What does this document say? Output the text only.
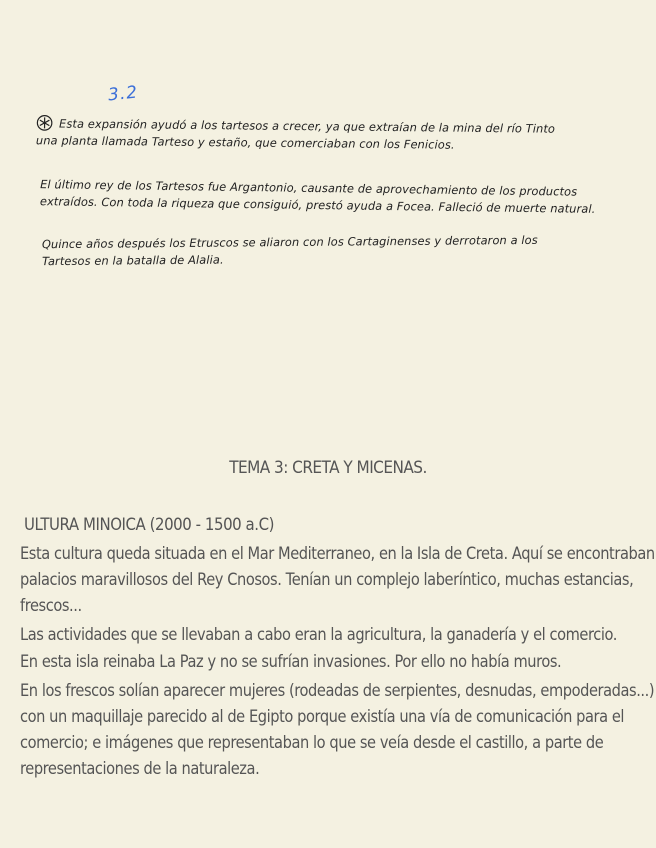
3.2
Esta expansión ayudó a los tartesos a crecer, ya que extraían de la mina del río Tinto
una planta llamada Tarteso y estaño, que comerciaban con los Fenicios.
El último rey de los Tartesos fue Argantonio, causante de aprovechamiento de los productos
extraídos. Con toda la riqueza que consiguió, prestó ayuda a Focea. Falleció de muerte natural.
Quince años después los Etruscos se aliaron con los Cartaginenses y derrotaron a los
Tartesos en la batalla de Alalia.
TEMA 3: CRETA Y MICENAS.
ULTURA MINOICA (2000 - 1500 a.C)
Esta cultura queda situada en el Mar Mediterraneo, en la Isla de Creta. Aquí se encontraban
palacios maravillosos del Rey Cnosos. Tenían un complejo laberíntico, muchas estancias,
frescos...
Las actividades que se llevaban a cabo eran la agricultura, la ganadería y el comercio.
En esta isla reinaba La Paz y no se sufrían invasiones. Por ello no había muros.
En los frescos solían aparecer mujeres (rodeadas de serpientes, desnudas, empoderadas...)
con un maquillaje parecido al de Egipto porque existía una vía de comunicación para el
comercio; e imágenes que representaban lo que se veía desde el castillo, a parte de
representaciones de la naturaleza.
